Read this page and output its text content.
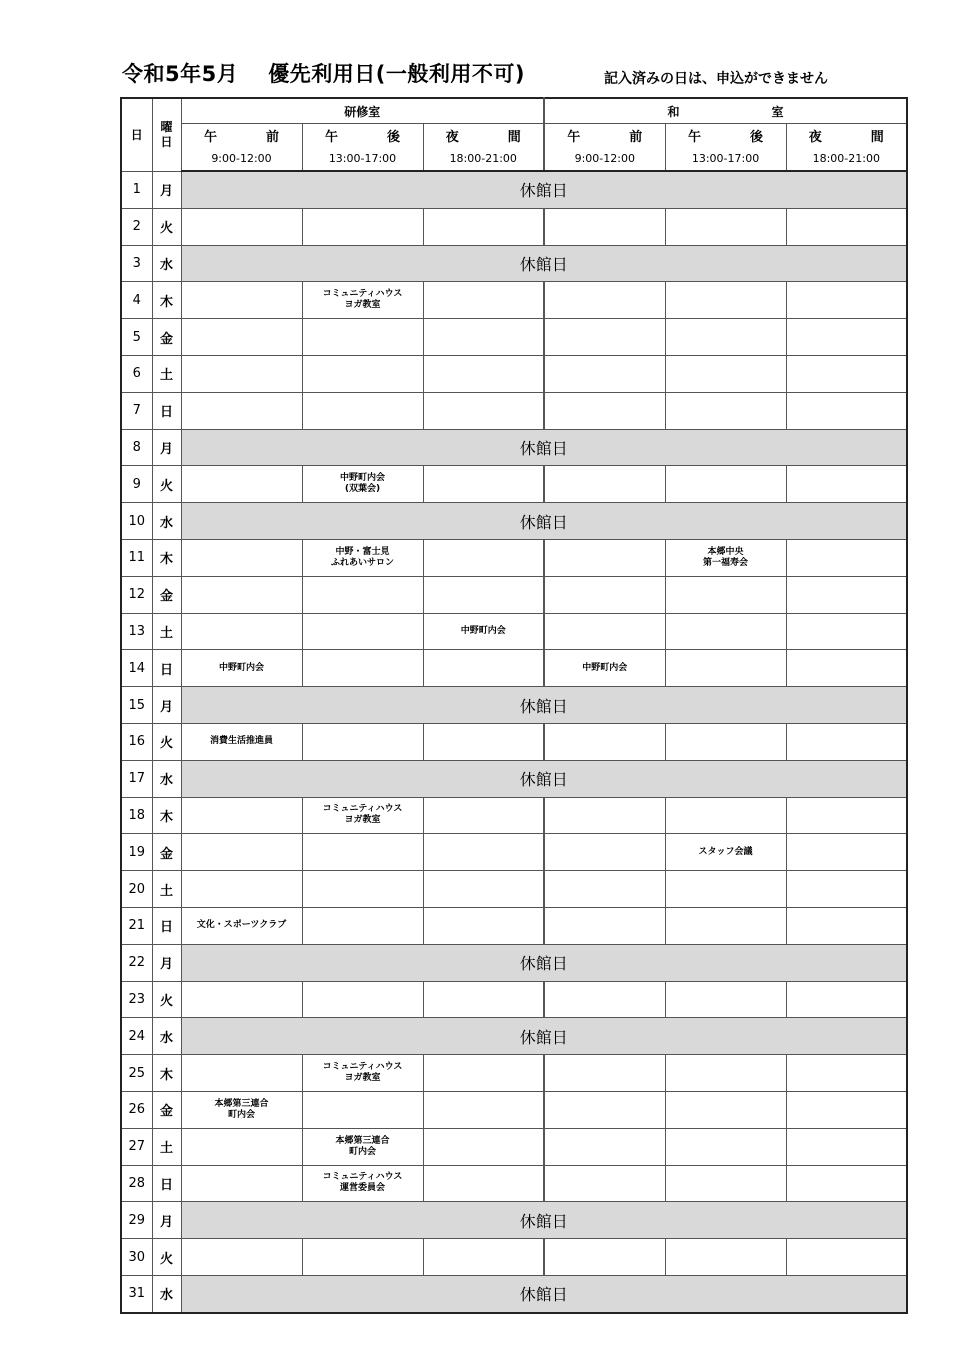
令和5年5月 優先利用日(一般利用不可)	記入済みの日は、申込ができません
日	曜
日	研修室			和　室		
		午　前	午　後	夜　間	午　前	午　後	夜　間
		9:00-12:00	13:00-17:00	18:00-21:00	9:00-12:00	13:00-17:00	18:00-21:00
1	月	休館日					
2	火						
3	水	休館日					
4	木		コミュニティハウス
ヨガ教室				
5	金						
6	土						
7	日						
8	月	休館日					
9	火		中野町内会
(双葉会)				
10	水	休館日					
11	木		中野・富士見
ふれあいサロン			本郷中央
第一福寿会	
12	金						
13	土			中野町内会			
14	日	中野町内会			中野町内会		
15	月	休館日					
16	火	消費生活推進員					
17	水	休館日					
18	木		コミュニティハウス
ヨガ教室				
19	金					スタッフ会議	
20	土						
21	日	文化・スポーツクラブ					
22	月	休館日					
23	火						
24	水	休館日					
25	木		コミュニティハウス
ヨガ教室				
26	金	本郷第三連合
町内会					
27	土		本郷第三連合
町内会				
28	日		コミュニティハウス
運営委員会				
29	月	休館日					
30	火						
31	水	休館日					
